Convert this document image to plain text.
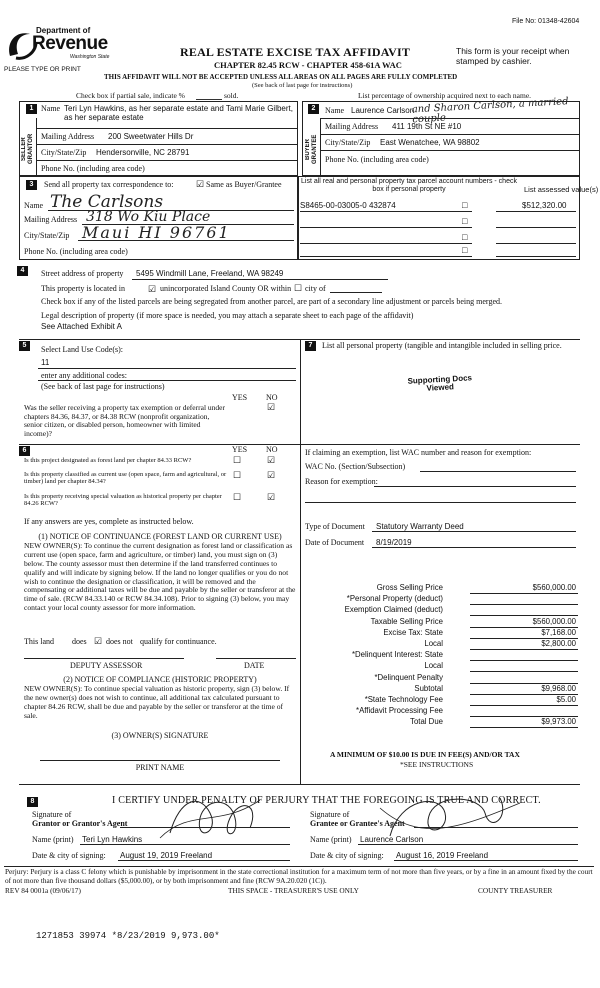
File No: 01348-42604
Department of
Revenue
Washington State
PLEASE TYPE OR PRINT
REAL ESTATE EXCISE TAX AFFIDAVIT
CHAPTER 82.45 RCW - CHAPTER 458-61A WAC
This form is your receipt when stamped by cashier.
THIS AFFIDAVIT WILL NOT BE ACCEPTED UNLESS ALL AREAS ON ALL PAGES ARE FULLY COMPLETED
(See back of last page for instructions)
Check box if partial sale, indicate %	sold.	List percentage of ownership acquired next to each name.
1
SELLER GRANTOR
Name Teri Lyn Hawkins, as her separate estate and Tami Marie Gilbert, as her separate estate
Mailing Address 200 Sweetwater Hills Dr
City/State/Zip Hendersonville, NC 28791
Phone No. (including area code)
2
BUYER GRANTEE
Name Laurence Carlson
and Sharon Carlson, a married couple
Mailing Address 411 19th St NE #10
City/State/Zip East Wenatchee, WA 98802
Phone No. (including area code)
3	Send all property tax correspondence to: ☑ Same as Buyer/Grantee
Name The Carlsons
Mailing Address 318 Wo Kiu Place
City/State/Zip Maui HI 96761
Phone No. (including area code)
List all real and personal property tax parcel account numbers - check box if personal property	List assessed value(s)
S8465-00-03005-0 432874	$512,320.00
□
□
□
□
4	Street address of property 5495 Windmill Lane, Freeland, WA 98249
This property is located in	☑ unincorporated Island County OR within ☐ city of
Check box if any of the listed parcels are being segregated from another parcel, are part of a secondary line adjustment or parcels being merged.
Legal description of property (if more space is needed, you may attach a separate sheet to each page of the affidavit)
See Attached Exhibit A
5	Select Land Use Code(s):
11
enter any additional codes:
(See back of last page for instructions)
YES NO
Was the seller receiving a property tax exemption or deferral under chapters 84.36, 84.37, or 84.38 RCW (nonprofit organization, senior citizen, or disabled person, homeowner with limited income)?
☑
6	YES NO
Is this project designated as forest land per chapter 84.33 RCW?	☐	☑
Is this property classified as current use (open space, farm and agricultural, or timber) land per chapter 84.34?
☐	☑
Is this property receiving special valuation as historical property per chapter 84.26 RCW?
☐	☑
If any answers are yes, complete as instructed below.
(1) NOTICE OF CONTINUANCE (FOREST LAND OR CURRENT USE)
NEW OWNER(S): To continue the current designation as forest land or classification as current use (open space, farm and agriculture, or timber) land, you must sign on (3) below. The county assessor must then determine if the land transferred continues to qualify and will indicate by signing below. If the land no longer qualifies or you do not wish to continue the designation or classification, it will be removed and the compensating or additional taxes will be due and payable by the seller or transferor at the time of sale. (RCW 84.33.140 or RCW 84.34.108). Prior to signing (3) below, you may contact your local county assessor for more information.
This land does ☑ does not qualify for continuance.
DEPUTY ASSESSOR	DATE
(2) NOTICE OF COMPLIANCE (HISTORIC PROPERTY)
NEW OWNER(S): To continue special valuation as historic property, sign (3) below. If the new owner(s) does not wish to continue, all additional tax calculated pursuant to chapter 84.26 RCW, shall be due and payable by the seller or transferor at the time of sale.
(3) OWNER(S) SIGNATURE
PRINT NAME
7	List all personal property (tangible and intangible included in selling price.
Supporting Docs Viewed
If claiming an exemption, list WAC number and reason for exemption:
WAC No. (Section/Subsection)
Reason for exemption:
Type of Document Statutory Warranty Deed
Date of Document 8/19/2019
Gross Selling Price	$560,000.00
*Personal Property (deduct)
Exemption Claimed (deduct)
Taxable Selling Price	$560,000.00
Excise Tax: State	$7,168.00
Local	$2,800.00
*Delinquent Interest: State
Local
*Delinquent Penalty
Subtotal	$9,968.00
*State Technology Fee	$5.00
*Affidavit Processing Fee
Total Due	$9,973.00
A MINIMUM OF $10.00 IS DUE IN FEE(S) AND/OR TAX
*SEE INSTRUCTIONS
8	I CERTIFY UNDER PENALTY OF PERJURY THAT THE FOREGOING IS TRUE AND CORRECT.
Signature of
Grantor or Grantor's Agent
Signature of
Grantee or Grantee's Agent
Name (print) Teri Lyn Hawkins	Name (print) Laurence Carlson
Date & city of signing: August 19, 2019 Freeland	Date & city of signing: August 16, 2019 Freeland
Perjury: Perjury is a class C felony which is punishable by imprisonment in the state correctional institution for a maximum term of not more than five years, or by a fine in an amount fixed by the court of not more than five thousand dollars ($5,000.00), or by both imprisonment and fine (RCW 9A.20.020 (1C)).
REV 84 0001a (09/06/17)	THIS SPACE - TREASURER'S USE ONLY	COUNTY TREASURER
1271853 39974 *8/23/2019 9,973.00*
